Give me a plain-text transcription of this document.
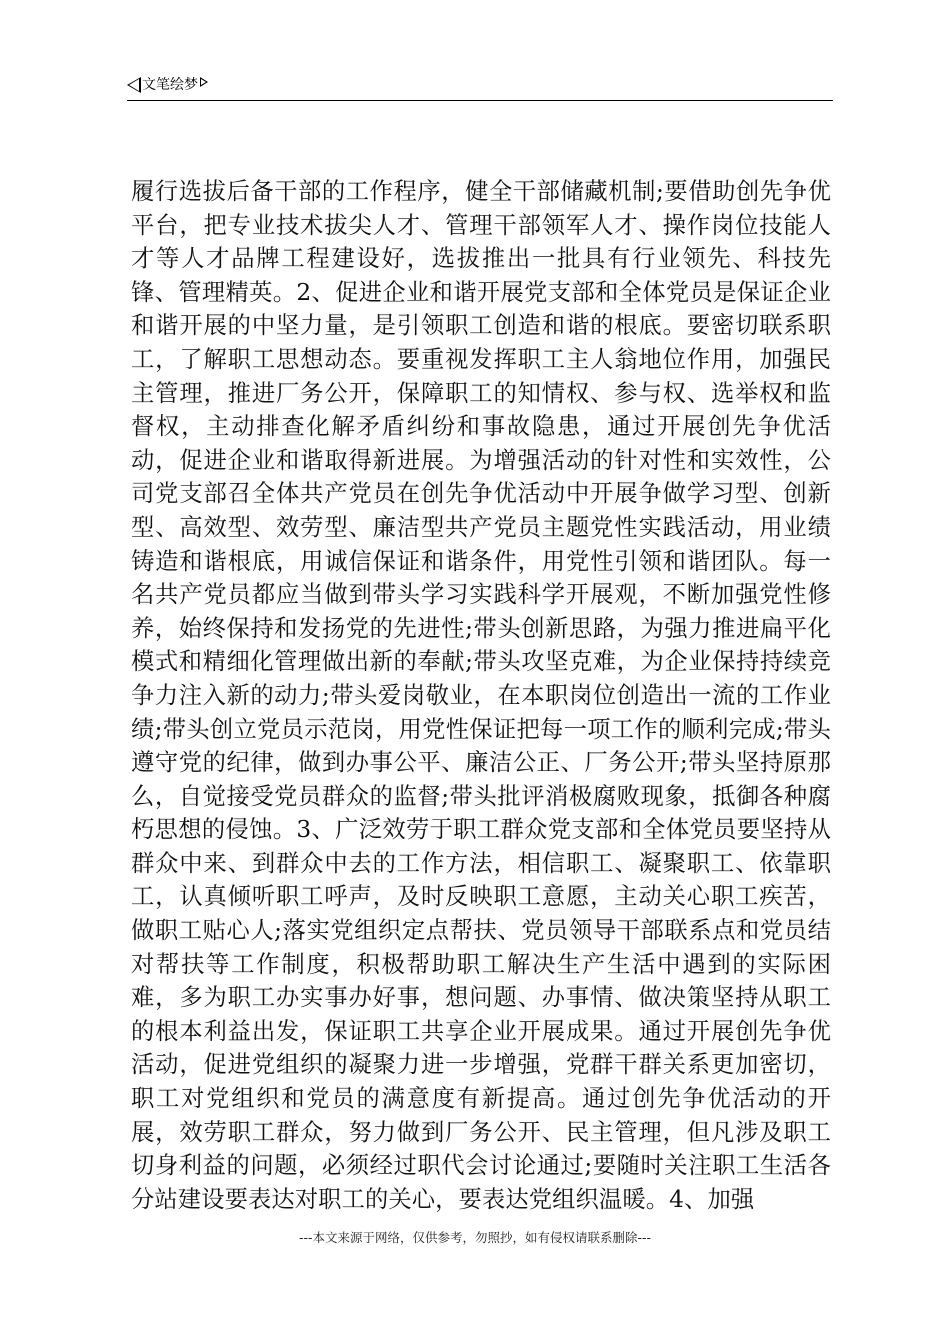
文笔绘梦

履行选拔后备干部的工作程序，健全干部储藏机制;要借助创先争优平台，把专业技术拔尖人才、管理干部领军人才、操作岗位技能人才等人才品牌工程建设好，选拔推出一批具有行业领先、科技先锋、管理精英。2、促进企业和谐开展党支部和全体党员是保证企业和谐开展的中坚力量，是引领职工创造和谐的根底。要密切联系职工，了解职工思想动态。要重视发挥职工主人翁地位作用，加强民主管理，推进厂务公开，保障职工的知情权、参与权、选举权和监督权，主动排查化解矛盾纠纷和事故隐患，通过开展创先争优活动，促进企业和谐取得新进展。为增强活动的针对性和实效性，公司党支部召全体共产党员在创先争优活动中开展争做学习型、创新型、高效型、效劳型、廉洁型共产党员主题党性实践活动，用业绩铸造和谐根底，用诚信保证和谐条件，用党性引领和谐团队。每一名共产党员都应当做到带头学习实践科学开展观，不断加强党性修养，始终保持和发扬党的先进性;带头创新思路，为强力推进扁平化模式和精细化管理做出新的奉献;带头攻坚克难，为企业保持持续竞争力注入新的动力;带头爱岗敬业，在本职岗位创造出一流的工作业绩;带头创立党员示范岗，用党性保证把每一项工作的顺利完成;带头遵守党的纪律，做到办事公平、廉洁公正、厂务公开;带头坚持原那么，自觉接受党员群众的监督;带头批评消极腐败现象，抵御各种腐朽思想的侵蚀。3、广泛效劳于职工群众党支部和全体党员要坚持从群众中来、到群众中去的工作方法，相信职工、凝聚职工、依靠职工，认真倾听职工呼声，及时反映职工意愿，主动关心职工疾苦，做职工贴心人;落实党组织定点帮扶、党员领导干部联系点和党员结对帮扶等工作制度，积极帮助职工解决生产生活中遇到的实际困难，多为职工办实事办好事，想问题、办事情、做决策坚持从职工的根本利益出发，保证职工共享企业开展成果。通过开展创先争优活动，促进党组织的凝聚力进一步增强，党群干群关系更加密切，职工对党组织和党员的满意度有新提高。通过创先争优活动的开展，效劳职工群众，努力做到厂务公开、民主管理，但凡涉及职工切身利益的问题，必须经过职代会讨论通过;要随时关注职工生活各分站建设要表达对职工的关心，要表达党组织温暖。4、加强

---本文来源于网络，仅供参考，勿照抄，如有侵权请联系删除---
